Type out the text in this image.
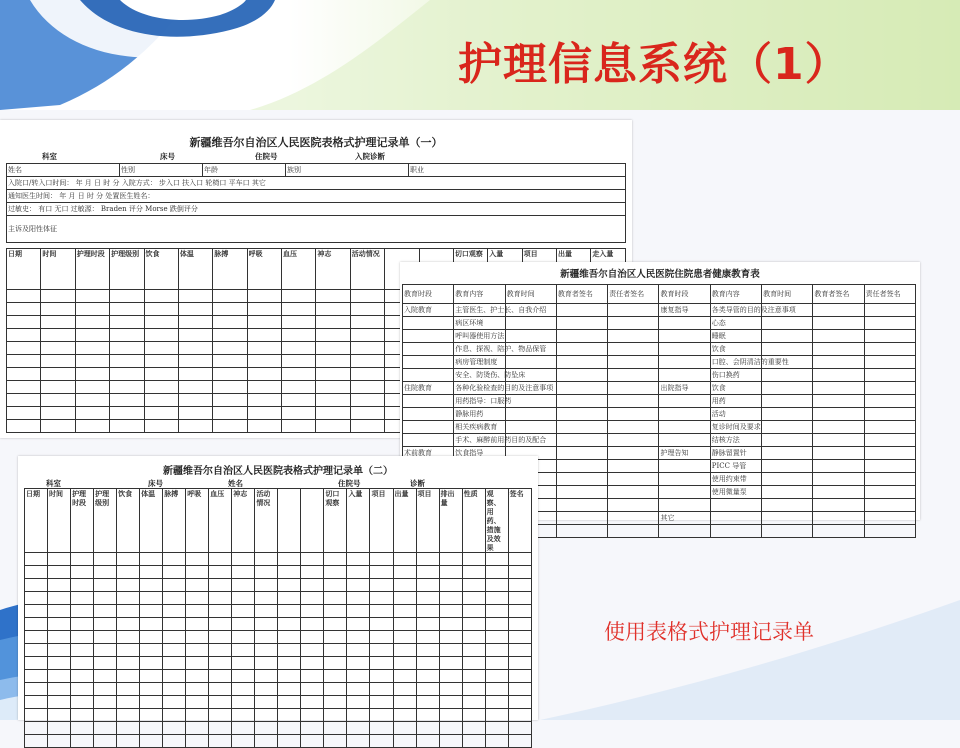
护理信息系统（1）
新疆维吾尔自治区人民医院表格式护理记录单（一）
科室	床号	住院号	入院诊断
姓名	性别	年龄	族别	职业
入院口/转入口时间： 年 月 日 时 分 入院方式： 步入口 扶入口 轮椅口 平车口 其它
通知医生时间： 年 月 日 时 分 处置医生姓名：
过敏史： 有口 无口 过敏源： Braden 评分 Morse 跌倒评分
主诉及阳性体征
日期	时间	护理时段	护理级别	饮食	体温	脉搏	呼吸	血压	神志	活动情况			切口观察	入量	项目	出量	走入量

新疆维吾尔自治区人民医院住院患者健康教育表
教育时段	教育内容	教育时间	教育者签名	责任者签名	教育时段	教育内容	教育时间	教育者签名	责任者签名
入院教育	主管医生、护士长、自我介绍				康复指导	各类导管的目的及注意事项			
	病区环境					心态			
	呼叫器使用方法					睡眠			
	作息、探视、陪护、物品保管					饮食			
	病房管理制度					口腔、会阴清洁的重要性			
	安全、防烫伤、防坠床					伤口换药			
住院教育	各种化验检查的目的及注意事项				出院指导	饮食			
	用药指导：口服药					用药			
	静脉用药					活动			
	相关疾病教育					复诊时间及要求			
	手术、麻醉前用药目的及配合					结核方法			
术前教育	饮食指导				护理告知	静脉留置针			
						PICC 导管			
						使用约束带			
						使用微量泵			

					其它				

新疆维吾尔自治区人民医院表格式护理记录单（二）
科室	床号	姓名	住院号	诊断
日期	时间	护理时段	护理级别	饮食	体温	脉搏	呼吸	血压	神志	活动情况			切口观察	入量	项目	出量	项目	排出量	性质	观察、用药、措施及效果	签名

使用表格式护理记录单
